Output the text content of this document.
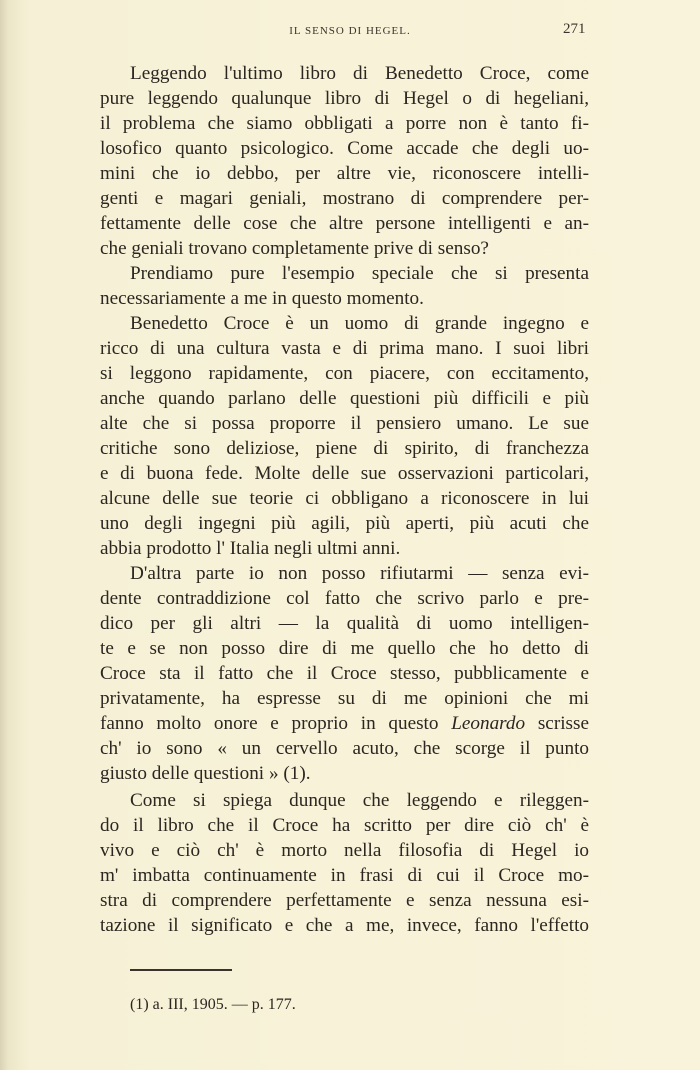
IL SENSO DI HEGEL.	271
Leggendo l'ultimo libro di Benedetto Croce, come
pure leggendo qualunque libro di Hegel o di hegeliani,
il problema che siamo obbligati a porre non è tanto fi-
losofico quanto psicologico. Come accade che degli uo-
mini che io debbo, per altre vie, riconoscere intelli-
genti e magari geniali, mostrano di comprendere per-
fettamente delle cose che altre persone intelligenti e an-
che geniali trovano completamente prive di senso?
Prendiamo pure l'esempio speciale che si presenta
necessariamente a me in questo momento.
Benedetto Croce è un uomo di grande ingegno e
ricco di una cultura vasta e di prima mano. I suoi libri
si leggono rapidamente, con piacere, con eccitamento,
anche quando parlano delle questioni più difficili e più
alte che si possa proporre il pensiero umano. Le sue
critiche sono deliziose, piene di spirito, di franchezza
e di buona fede. Molte delle sue osservazioni particolari,
alcune delle sue teorie ci obbligano a riconoscere in lui
uno degli ingegni più agili, più aperti, più acuti che
abbia prodotto l' Italia negli ultmi anni.
D'altra parte io non posso rifiutarmi — senza evi-
dente contraddizione col fatto che scrivo parlo e pre-
dico per gli altri — la qualità di uomo intelligen-
te e se non posso dire di me quello che ho detto di
Croce sta il fatto che il Croce stesso, pubblicamente e
privatamente, ha espresse su di me opinioni che mi
fanno molto onore e proprio in questo Leonardo scrisse
ch' io sono « un cervello acuto, che scorge il punto
giusto delle questioni » (1).
Come si spiega dunque che leggendo e rileggen-
do il libro che il Croce ha scritto per dire ciò ch' è
vivo e ciò ch' è morto nella filosofia di Hegel io
m' imbatta continuamente in frasi di cui il Croce mo-
stra di comprendere perfettamente e senza nessuna esi-
tazione il significato e che a me, invece, fanno l'effetto
(1) a. III, 1905. — p. 177.
